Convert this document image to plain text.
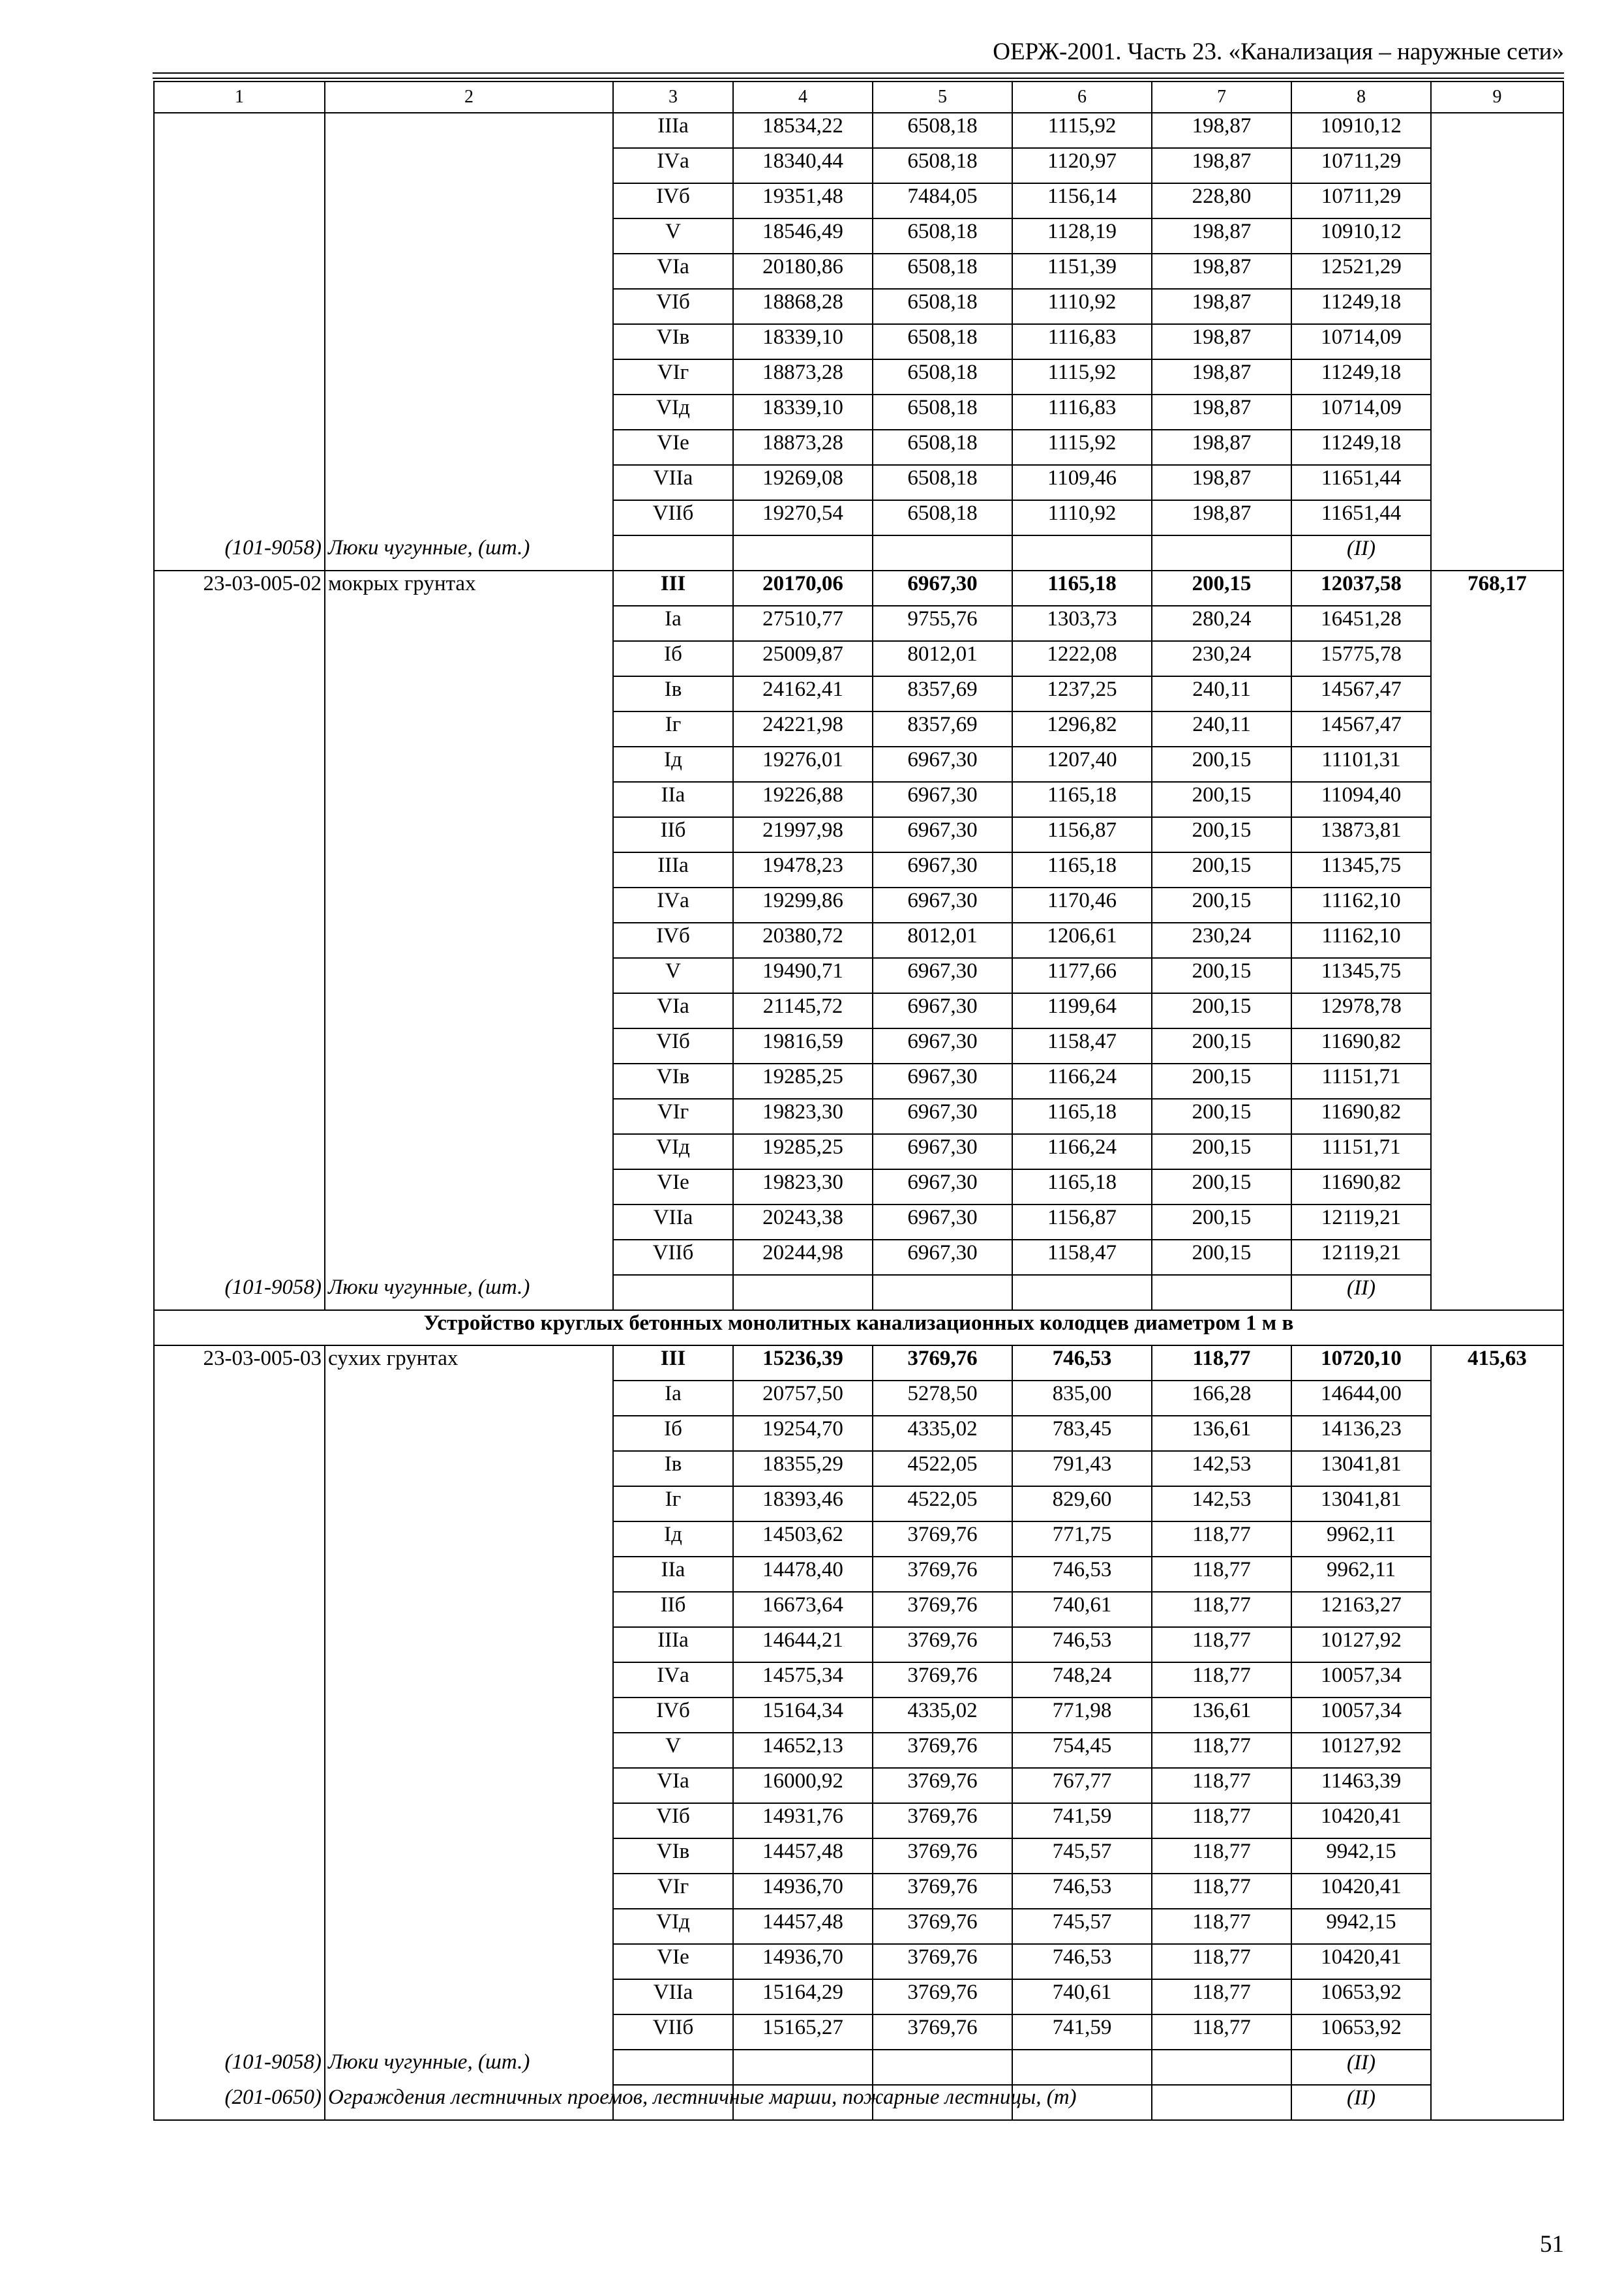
ОЕРЖ-2001. Часть 23. «Канализация – наружные сети»
1	2	3	4	5	6	7	8	9
		IIIа	18534,22	6508,18	1115,92	198,87	10910,12	
		IVа	18340,44	6508,18	1120,97	198,87	10711,29	
		IVб	19351,48	7484,05	1156,14	228,80	10711,29	
		V	18546,49	6508,18	1128,19	198,87	10910,12	
		VIа	20180,86	6508,18	1151,39	198,87	12521,29	
		VIб	18868,28	6508,18	1110,92	198,87	11249,18	
		VIв	18339,10	6508,18	1116,83	198,87	10714,09	
		VIг	18873,28	6508,18	1115,92	198,87	11249,18	
		VIд	18339,10	6508,18	1116,83	198,87	10714,09	
		VIе	18873,28	6508,18	1115,92	198,87	11249,18	
		VIIа	19269,08	6508,18	1109,46	198,87	11651,44	
		VIIб	19270,54	6508,18	1110,92	198,87	11651,44	
(101-9058)	Люки чугунные, (шт.)						(II)	
23-03-005-02	мокрых грунтах	III	20170,06	6967,30	1165,18	200,15	12037,58	768,17
		Iа	27510,77	9755,76	1303,73	280,24	16451,28	
		Iб	25009,87	8012,01	1222,08	230,24	15775,78	
		Iв	24162,41	8357,69	1237,25	240,11	14567,47	
		Iг	24221,98	8357,69	1296,82	240,11	14567,47	
		Iд	19276,01	6967,30	1207,40	200,15	11101,31	
		IIа	19226,88	6967,30	1165,18	200,15	11094,40	
		IIб	21997,98	6967,30	1156,87	200,15	13873,81	
		IIIа	19478,23	6967,30	1165,18	200,15	11345,75	
		IVа	19299,86	6967,30	1170,46	200,15	11162,10	
		IVб	20380,72	8012,01	1206,61	230,24	11162,10	
		V	19490,71	6967,30	1177,66	200,15	11345,75	
		VIа	21145,72	6967,30	1199,64	200,15	12978,78	
		VIб	19816,59	6967,30	1158,47	200,15	11690,82	
		VIв	19285,25	6967,30	1166,24	200,15	11151,71	
		VIг	19823,30	6967,30	1165,18	200,15	11690,82	
		VIд	19285,25	6967,30	1166,24	200,15	11151,71	
		VIе	19823,30	6967,30	1165,18	200,15	11690,82	
		VIIа	20243,38	6967,30	1156,87	200,15	12119,21	
		VIIб	20244,98	6967,30	1158,47	200,15	12119,21	
(101-9058)	Люки чугунные, (шт.)						(II)	
Устройство круглых бетонных монолитных канализационных колодцев диаметром 1 м в								
23-03-005-03	сухих грунтах	III	15236,39	3769,76	746,53	118,77	10720,10	415,63
		Iа	20757,50	5278,50	835,00	166,28	14644,00	
		Iб	19254,70	4335,02	783,45	136,61	14136,23	
		Iв	18355,29	4522,05	791,43	142,53	13041,81	
		Iг	18393,46	4522,05	829,60	142,53	13041,81	
		Iд	14503,62	3769,76	771,75	118,77	9962,11	
		IIа	14478,40	3769,76	746,53	118,77	9962,11	
		IIб	16673,64	3769,76	740,61	118,77	12163,27	
		IIIа	14644,21	3769,76	746,53	118,77	10127,92	
		IVа	14575,34	3769,76	748,24	118,77	10057,34	
		IVб	15164,34	4335,02	771,98	136,61	10057,34	
		V	14652,13	3769,76	754,45	118,77	10127,92	
		VIа	16000,92	3769,76	767,77	118,77	11463,39	
		VIб	14931,76	3769,76	741,59	118,77	10420,41	
		VIв	14457,48	3769,76	745,57	118,77	9942,15	
		VIг	14936,70	3769,76	746,53	118,77	10420,41	
		VIд	14457,48	3769,76	745,57	118,77	9942,15	
		VIе	14936,70	3769,76	746,53	118,77	10420,41	
		VIIа	15164,29	3769,76	740,61	118,77	10653,92	
		VIIб	15165,27	3769,76	741,59	118,77	10653,92	
(101-9058)	Люки чугунные, (шт.)						(II)	
(201-0650)	Ограждения лестничных проемов, лестничные марши, пожарные лестницы, (т)						(II)	
51
